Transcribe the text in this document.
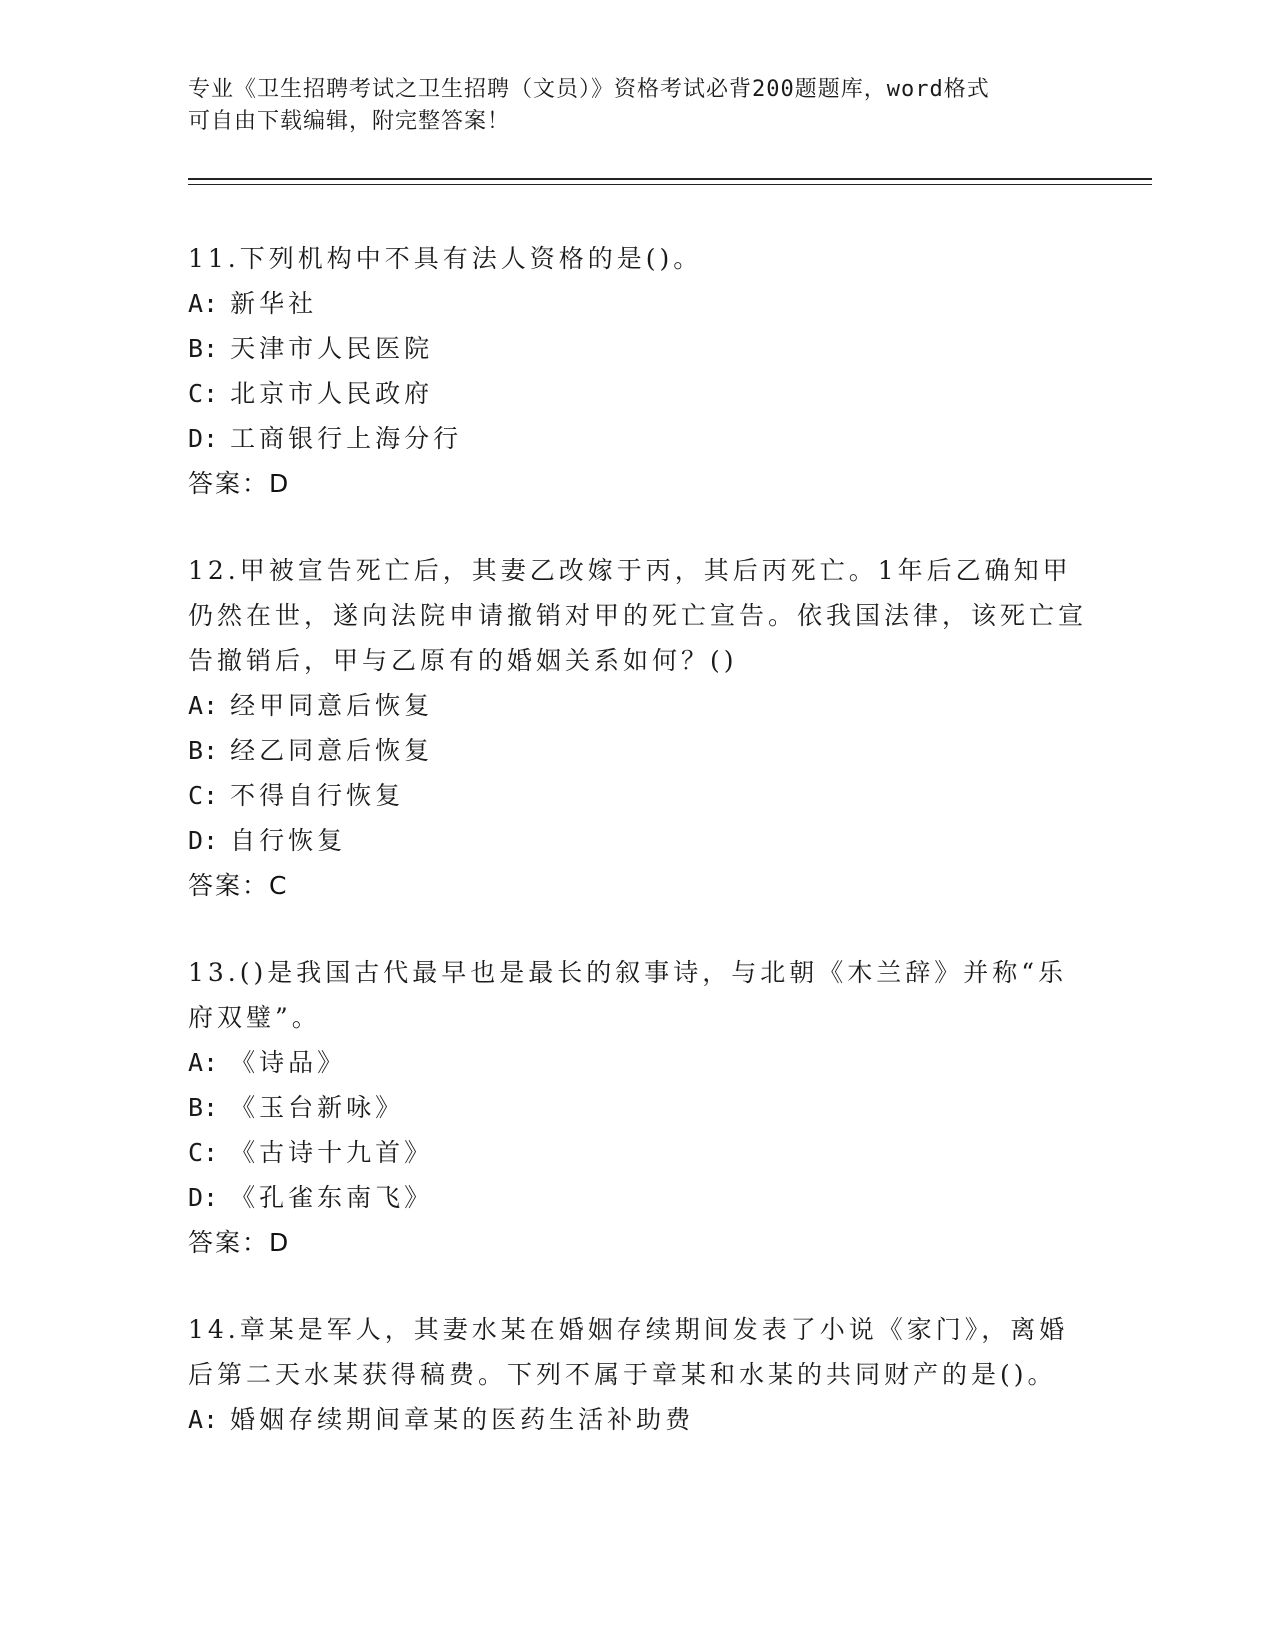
专业《卫生招聘考试之卫生招聘（文员）》资格考试必背200题题库，word格式
可自由下载编辑，附完整答案！
11.下列机构中不具有法人资格的是()。
A: 新华社
B: 天津市人民医院
C: 北京市人民政府
D: 工商银行上海分行
答案：D
12.甲被宣告死亡后，其妻乙改嫁于丙，其后丙死亡。1年后乙确知甲仍然在世，遂向法院申请撤销对甲的死亡宣告。依我国法律，该死亡宣告撤销后，甲与乙原有的婚姻关系如何？()
A: 经甲同意后恢复
B: 经乙同意后恢复
C: 不得自行恢复
D: 自行恢复
答案：C
13.()是我国古代最早也是最长的叙事诗，与北朝《木兰辞》并称“乐府双璧”。
A: 《诗品》
B: 《玉台新咏》
C: 《古诗十九首》
D: 《孔雀东南飞》
答案：D
14.章某是军人，其妻水某在婚姻存续期间发表了小说《家门》，离婚后第二天水某获得稿费。下列不属于章某和水某的共同财产的是()。
A: 婚姻存续期间章某的医药生活补助费
